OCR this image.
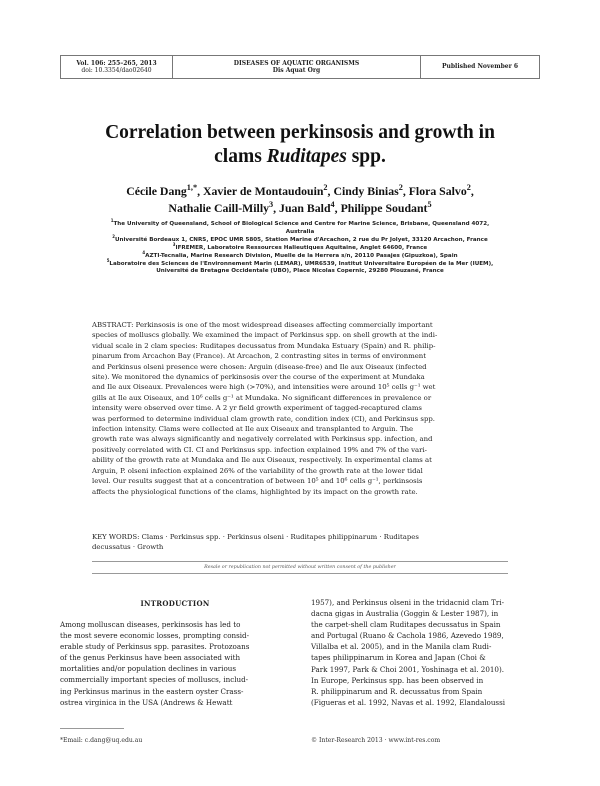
Vol. 106: 255–265, 2013
doi: 10.3354/dao02640
DISEASES OF AQUATIC ORGANISMS
Dis Aquat Org
Published November 6
Correlation between perkinsosis and growth in
clams Ruditapes spp.
Cécile Dang$^{1,*}$, Xavier de Montaudouin$^2$, Cindy Binias$^2$, Flora Salvo$^2$,
Nathalie Caill-Milly$^3$, Juan Bald$^4$, Philippe Soudant$^5$
$^1$The University of Queensland, School of Biological Science and Centre for Marine Science, Brisbane, Queensland 4072,
Australia
$^2$Université Bordeaux 1, CNRS, EPOC UMR 5805, Station Marine d'Arcachon, 2 rue du Pr Jolyet, 33120 Arcachon, France
$^3$IFREMER, Laboratoire Ressources Halieutiques Aquitaine, Anglet 64600, France
$^4$AZTI-Tecnalia, Marine Research Division, Muelle de la Herrera s/n, 20110 Pasajes (Gipuzkoa), Spain
$^5$Laboratoire des Sciences de l'Environnement Marin (LEMAR), UMR6539, Institut Universitaire Européen de la Mer (IUEM),
Université de Bretagne Occidentale (UBO), Place Nicolas Copernic, 29280 Plouzané, France
ABSTRACT: Perkinsosis is one of the most widespread diseases affecting commercially important
species of molluscs globally. We examined the impact of Perkinsus spp. on shell growth at the indi-
vidual scale in 2 clam species: Ruditapes decussatus from Mundaka Estuary (Spain) and R. philip-
pinarum from Arcachon Bay (France). At Arcachon, 2 contrasting sites in terms of environment
and Perkinsus olseni presence were chosen: Arguin (disease-free) and Ile aux Oiseaux (infected
site). We monitored the dynamics of perkinsosis over the course of the experiment at Mundaka
and Ile aux Oiseaux. Prevalences were high (>70%), and intensities were around 10⁵ cells g⁻¹ wet
gills at Ile aux Oiseaux, and 10⁶ cells g⁻¹ at Mundaka. No significant differences in prevalence or
intensity were observed over time. A 2 yr field growth experiment of tagged-recaptured clams
was performed to determine individual clam growth rate, condition index (CI), and Perkinsus spp.
infection intensity. Clams were collected at Ile aux Oiseaux and transplanted to Arguin. The
growth rate was always significantly and negatively correlated with Perkinsus spp. infection, and
positively correlated with CI. CI and Perkinsus spp. infection explained 19% and 7% of the vari-
ability of the growth rate at Mundaka and Ile aux Oiseaux, respectively. In experimental clams at
Arguin, P. olseni infection explained 26% of the variability of the growth rate at the lower tidal
level. Our results suggest that at a concentration of between 10⁵ and 10⁶ cells g⁻¹, perkinsosis
affects the physiological functions of the clams, highlighted by its impact on the growth rate.
KEY WORDS: Clams · Perkinsus spp. · Perkinsus olseni · Ruditapes philippinarum · Ruditapes
decussatus · Growth
Resale or republication not permitted without written consent of the publisher
INTRODUCTION
Among molluscan diseases, perkinsosis has led to
the most severe economic losses, prompting consid-
erable study of Perkinsus spp. parasites. Protozoans
of the genus Perkinsus have been associated with
mortalities and/or population declines in various
commercially important species of molluscs, includ-
ing Perkinsus marinus in the eastern oyster Crass-
ostrea virginica in the USA (Andrews & Hewatt
1957), and Perkinsus olseni in the tridacnid clam Tri-
dacna gigas in Australia (Goggin & Lester 1987), in
the carpet-shell clam Ruditapes decussatus in Spain
and Portugal (Ruano & Cachola 1986, Azevedo 1989,
Villalba et al. 2005), and in the Manila clam Rudi-
tapes philippinarum in Korea and Japan (Choi &
Park 1997, Park & Choi 2001, Yoshinaga et al. 2010).
In Europe, Perkinsus spp. has been observed in
R. philippinarum and R. decussatus from Spain
(Figueras et al. 1992, Navas et al. 1992, Elandaloussi
*Email: c.dang@uq.edu.au	© Inter-Research 2013 · www.int-res.com
